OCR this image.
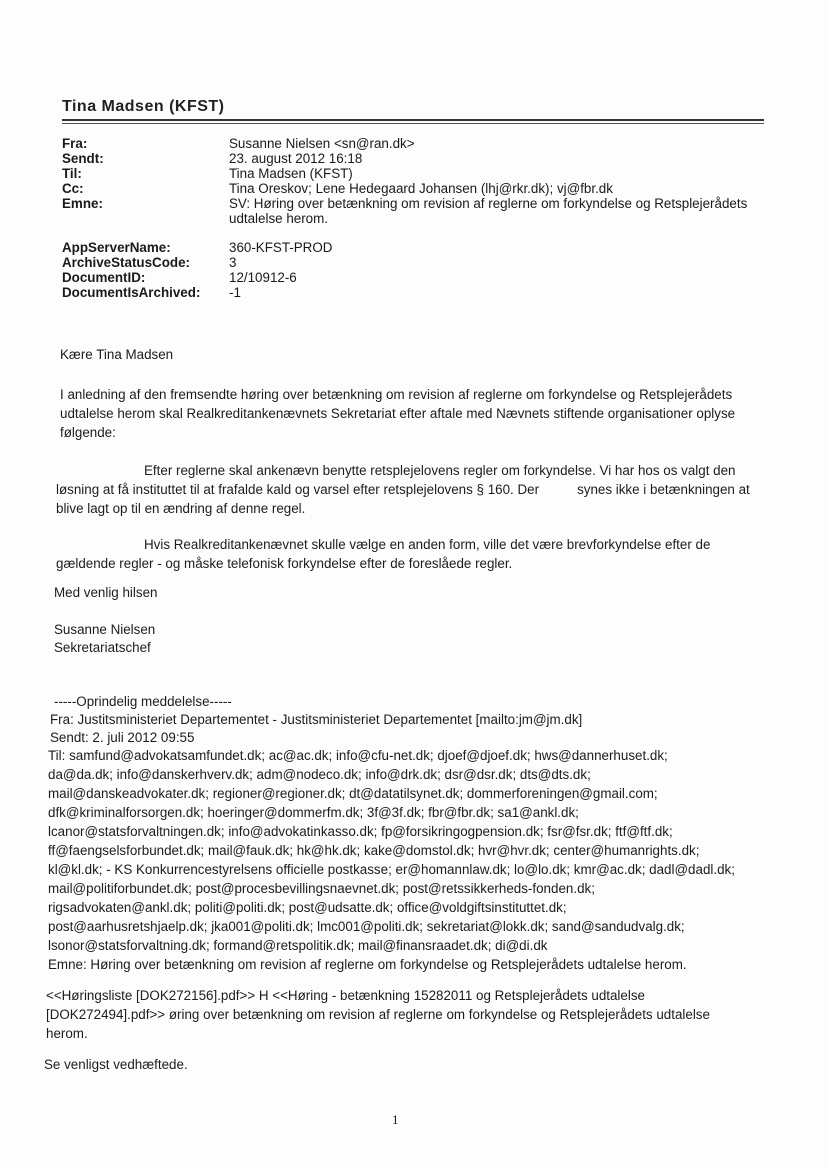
Tina Madsen (KFST)
Fra:	Susanne Nielsen <sn@ran.dk>
Sendt:	23. august 2012 16:18
Til:	Tina Madsen (KFST)
Cc:	Tina Oreskov; Lene Hedegaard Johansen (lhj@rkr.dk); vj@fbr.dk
Emne:	SV: Høring over betænkning om revision af reglerne om forkyndelse og Retsplejerådets udtalelse herom.
AppServerName:	360-KFST-PROD
ArchiveStatusCode:	3
DocumentID:	12/10912-6
DocumentIsArchived: -1
Kære Tina Madsen
I anledning af den fremsendte høring over betænkning om revision af reglerne om forkyndelse og Retsplejerådets udtalelse herom skal Realkreditankenævnets Sekretariat efter aftale med Nævnets stiftende organisationer oplyse følgende:
Efter reglerne skal ankenævn benytte retsplejelovens regler om forkyndelse. Vi har hos os valgt den løsning at få instituttet til at frafalde kald og varsel efter retsplejelovens § 160. Der	synes ikke i betænkningen at blive lagt op til en ændring af denne regel.
Hvis Realkreditankenævnet skulle vælge en anden form, ville det være brevforkyndelse efter de gældende regler - og måske telefonisk forkyndelse efter de foreslåede regler.
Med venlig hilsen
Susanne Nielsen
Sekretariatschef
-----Oprindelig meddelelse-----
Fra: Justitsministeriet Departementet - Justitsministeriet Departementet [mailto:jm@jm.dk]
Sendt: 2. juli 2012 09:55
Til: samfund@advokatsamfundet.dk; ac@ac.dk; info@cfu-net.dk; djoef@djoef.dk; hws@dannerhuset.dk;
da@da.dk; info@danskerhverv.dk; adm@nodeco.dk; info@drk.dk; dsr@dsr.dk; dts@dts.dk;
mail@danskeadvokater.dk; regioner@regioner.dk; dt@datatilsynet.dk; dommerforeningen@gmail.com;
dfk@kriminalforsorgen.dk; hoeringer@dommerfm.dk; 3f@3f.dk; fbr@fbr.dk; sa1@ankl.dk;
lcanor@statsforvaltningen.dk; info@advokatinkasso.dk; fp@forsikringogpension.dk; fsr@fsr.dk; ftf@ftf.dk;
ff@faengselsforbundet.dk; mail@fauk.dk; hk@hk.dk; kake@domstol.dk; hvr@hvr.dk; center@humanrights.dk;
kl@kl.dk; - KS Konkurrencestyrelsens officielle postkasse; er@homannlaw.dk; lo@lo.dk; kmr@ac.dk; dadl@dadl.dk;
mail@politiforbundet.dk; post@procesbevillingsnaevnet.dk; post@retssikkerheds-fonden.dk;
rigsadvokaten@ankl.dk; politi@politi.dk; post@udsatte.dk; office@voldgiftsinstituttet.dk;
post@aarhusretshjaelp.dk; jka001@politi.dk; lmc001@politi.dk; sekretariat@lokk.dk; sand@sandudvalg.dk;
lsonor@statsforvaltning.dk; formand@retspolitik.dk; mail@finansraadet.dk; di@di.dk
Emne: Høring over betænkning om revision af reglerne om forkyndelse og Retsplejerådets udtalelse herom.
<<Høringsliste [DOK272156].pdf>> H <<Høring - betænkning 15282011 og Retsplejerådets udtalelse
[DOK272494].pdf>> øring over betænkning om revision af reglerne om forkyndelse og Retsplejerådets udtalelse
herom.
Se venligst vedhæftede.
1
